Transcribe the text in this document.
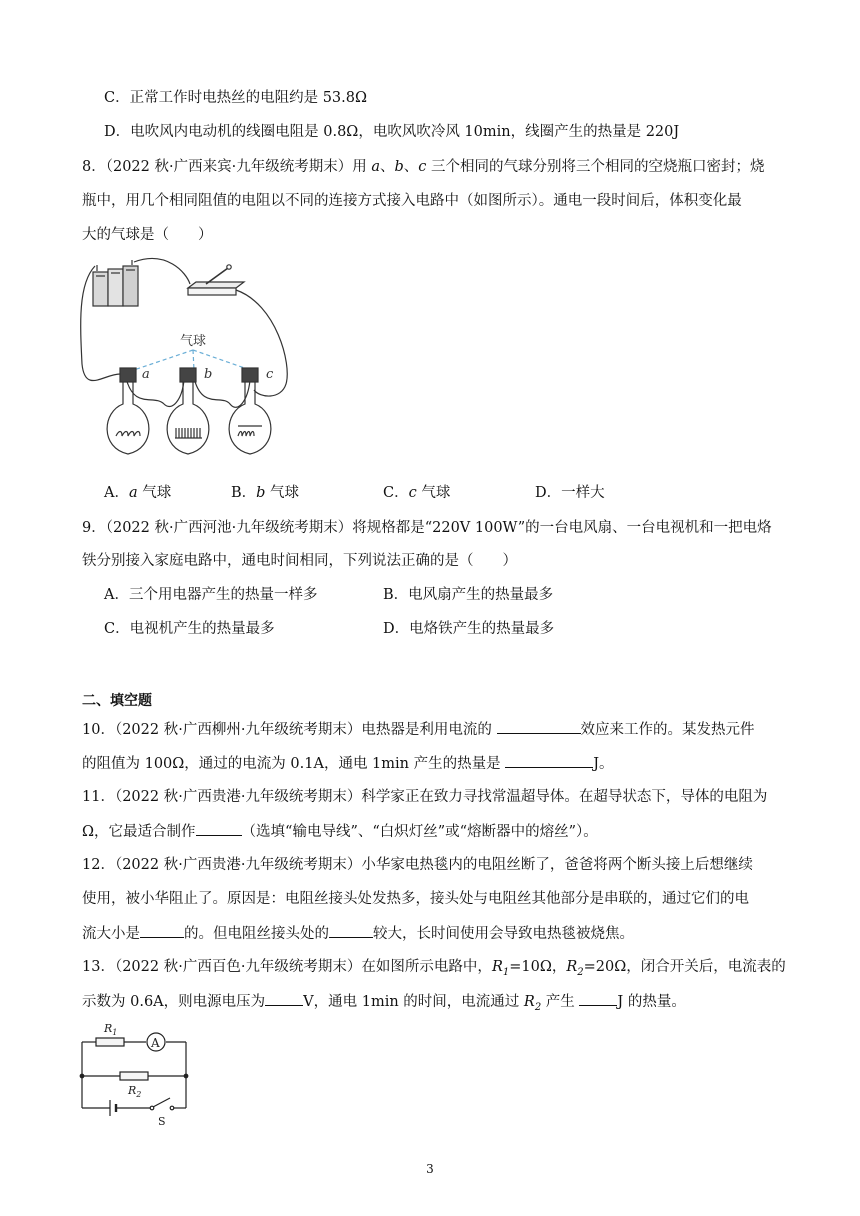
C．正常工作时电热丝的电阻约是 53.8Ω
D．电吹风内电动机的线圈电阻是 0.8Ω，电吹风吹冷风 10min，线圈产生的热量是 220J
8．（2022 秋·广西来宾·九年级统考期末）用 a、b、c 三个相同的气球分别将三个相同的空烧瓶口密封；烧
瓶中，用几个相同阻值的电阻以不同的连接方式接入电路中（如图所示）。通电一段时间后，体积变化最
大的气球是（　　）
气球
a	b	c
A．a 气球	B．b 气球	C．c 气球	D．一样大
9．（2022 秋·广西河池·九年级统考期末）将规格都是“220V 100W”的一台电风扇、一台电视机和一把电烙
铁分别接入家庭电路中，通电时间相同，下列说法正确的是（　　）
A．三个用电器产生的热量一样多	B．电风扇产生的热量最多
C．电视机产生的热量最多	D．电烙铁产生的热量最多
二、填空题
10．（2022 秋·广西柳州·九年级统考期末）电热器是利用电流的	效应来工作的。某发热元件
的阻值为 100Ω，通过的电流为 0.1A，通电 1min 产生的热量是	J。
11．（2022 秋·广西贵港·九年级统考期末）科学家正在致力寻找常温超导体。在超导状态下，导体的电阻为
Ω，它最适合制作	（选填“输电导线”、“白炽灯丝”或“熔断器中的熔丝”）。
12．（2022 秋·广西贵港·九年级统考期末）小华家电热毯内的电阻丝断了，爸爸将两个断头接上后想继续
使用，被小华阻止了。原因是：电阻丝接头处发热多，接头处与电阻丝其他部分是串联的，通过它们的电
流大小是	的。但电阻丝接头处的	较大，长时间使用会导致电热毯被烧焦。
13．（2022 秋·广西百色·九年级统考期末）在如图所示电路中，$R_1=10\Omega$，$R_2=20\Omega$，闭合开关后，电流表的
示数为 0.6A，则电源电压为	V，通电 1min 的时间，电流通过 $R_2$ 产生	J 的热量。
A
$R_1$
$R_2$
S
3
